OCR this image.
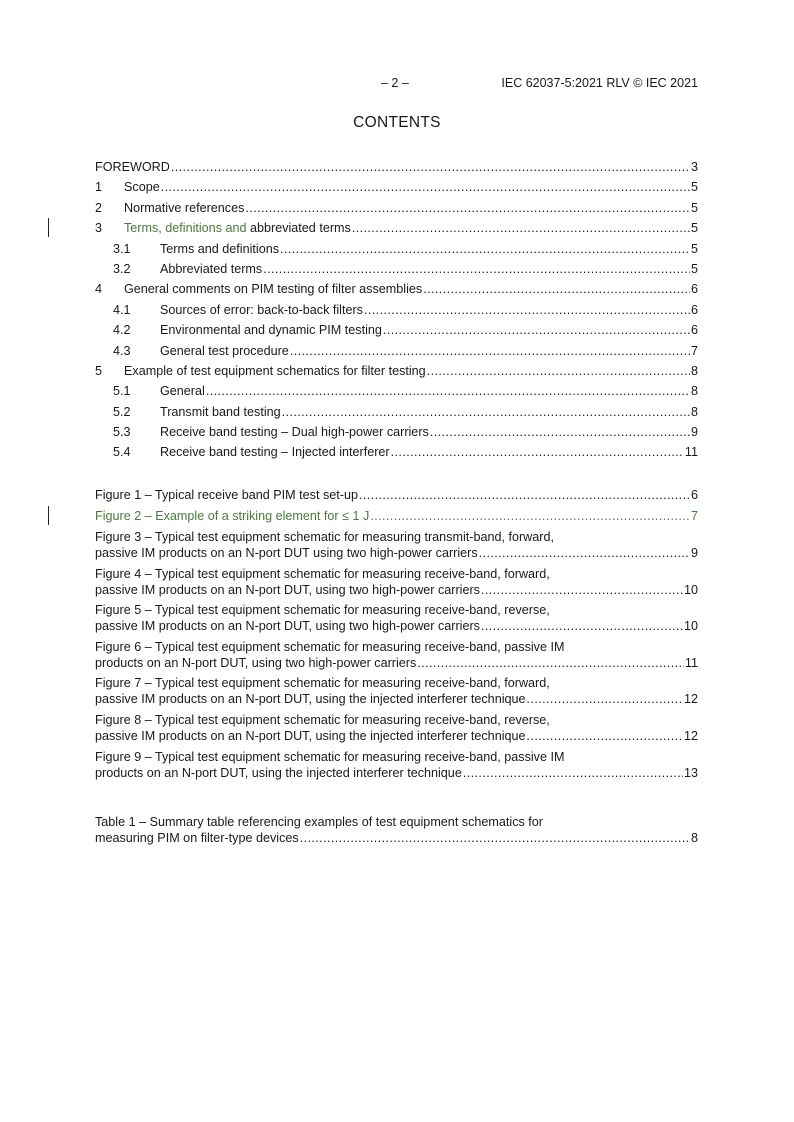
– 2 –	IEC 62037-5:2021 RLV © IEC 2021
CONTENTS
FOREWORD .....	3
1	Scope .....	5
2	Normative references .....	5
3	Terms, definitions and abbreviated terms .....	5
3.1	Terms and definitions .....	5
3.2	Abbreviated terms .....	5
4	General comments on PIM testing of filter assemblies .....	6
4.1	Sources of error: back-to-back filters .....	6
4.2	Environmental and dynamic PIM testing .....	6
4.3	General test procedure .....	7
5	Example of test equipment schematics for filter testing .....	8
5.1	General .....	8
5.2	Transmit band testing .....	8
5.3	Receive band testing – Dual high-power carriers .....	9
5.4	Receive band testing – Injected interferer .....	11
Figure 1 – Typical receive band PIM test set-up .....	6
Figure 2 – Example of a striking element for ≤ 1 J .....	7
Figure 3 – Typical test equipment schematic for measuring transmit-band, forward,
passive IM products on an N-port DUT using two high-power carriers .....	9
Figure 4 – Typical test equipment schematic for measuring receive-band, forward,
passive IM products on an N-port DUT, using two high-power carriers .....	10
Figure 5 – Typical test equipment schematic for measuring receive-band, reverse,
passive IM products on an N-port DUT, using two high-power carriers .....	10
Figure 6 – Typical test equipment schematic for measuring receive-band, passive IM
products on an N-port DUT, using two high-power carriers .....	11
Figure 7 – Typical test equipment schematic for measuring receive-band, forward,
passive IM products on an N-port DUT, using the injected interferer technique .....	12
Figure 8 – Typical test equipment schematic for measuring receive-band, reverse,
passive IM products on an N-port DUT, using the injected interferer technique .....	12
Figure 9 – Typical test equipment schematic for measuring receive-band, passive IM
products on an N-port DUT, using the injected interferer technique .....	13
Table 1 – Summary table referencing examples of test equipment schematics for
measuring PIM on filter-type devices .....	8
